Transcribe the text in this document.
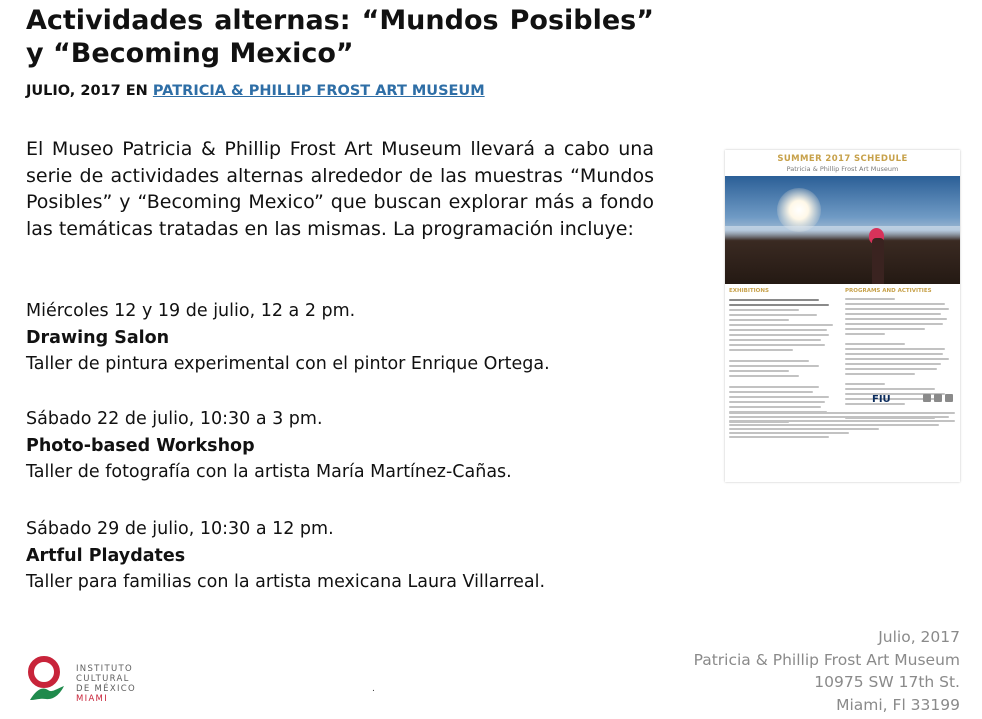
Actividades alternas: “Mundos Posibles” y “Becoming Mexico”

JULIO, 2017 EN PATRICIA & PHILLIP FROST ART MUSEUM

El Museo Patricia & Phillip Frost Art Museum llevará a cabo una serie de actividades alternas alrededor de las muestras “Mundos Posibles” y “Becoming Mexico” que buscan explorar más a fondo las temáticas tratadas en las mismas. La programación incluye:

Miércoles 12 y 19 de julio, 12 a 2 pm.
Drawing Salon
Taller de pintura experimental con el pintor Enrique Ortega.
Sábado 22 de julio, 10:30 a 3 pm.
Photo-based Workshop
Taller de fotografía con la artista María Martínez-Cañas.
Sábado 29 de julio, 10:30 a 12 pm.
Artful Playdates
Taller para familias con la artista mexicana Laura Villarreal.
SUMMER 2017 SCHEDULE
Patricia & Phillip Frost Art Museum
EXHIBITIONS	PROGRAMS AND ACTIVITIES
FIU
INSTITUTO
CULTURAL
DE MÉXICO
MIAMI
.
Julio, 2017
Patricia & Phillip Frost Art Museum
10975 SW 17th St.
Miami, Fl 33199
